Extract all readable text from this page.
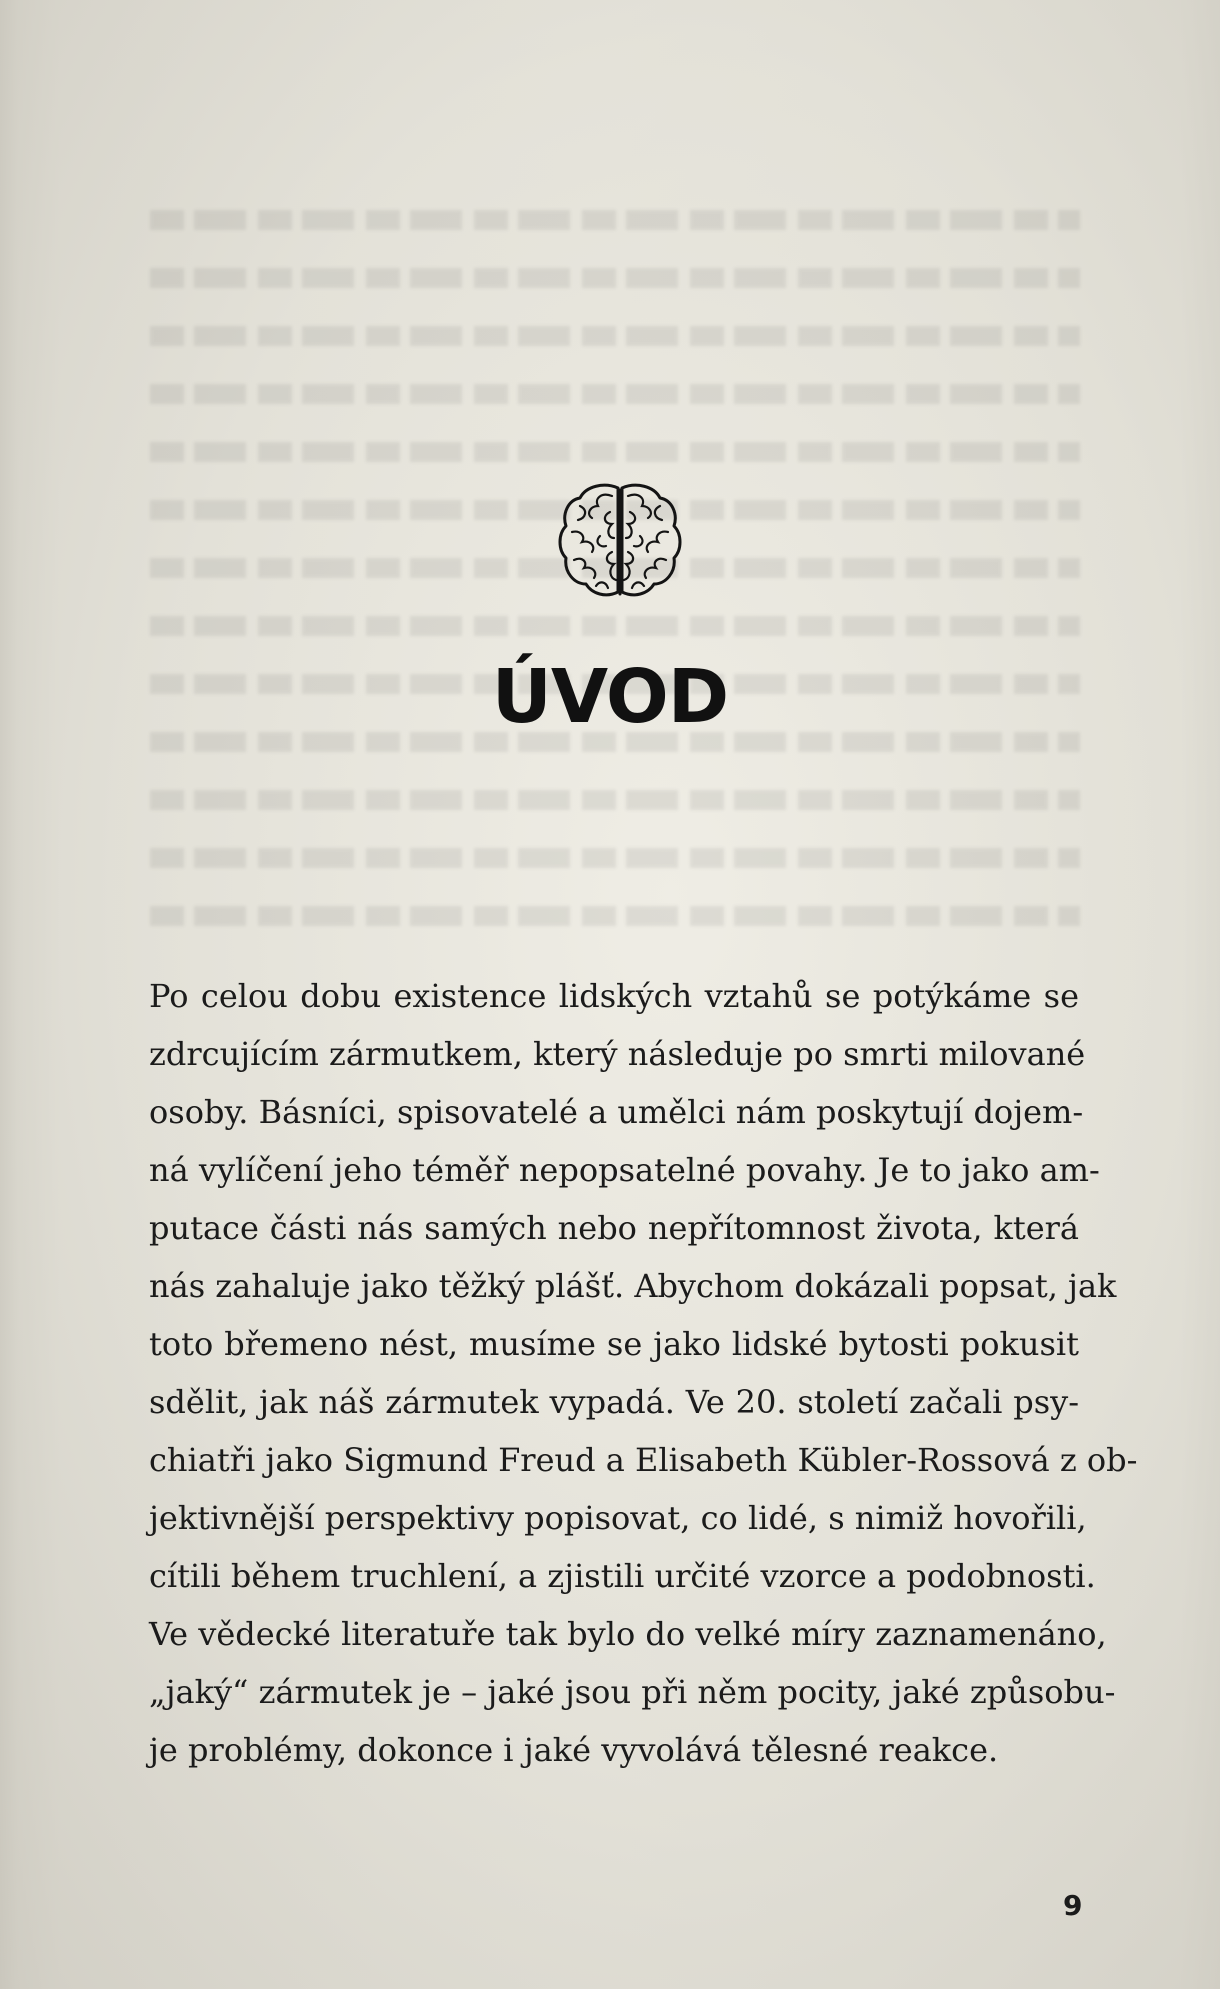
ÚVOD
Po celou dobu existence lidských vztahů se potýkáme se
zdrcujícím zármutkem, který následuje po smrti milované
osoby. Básníci, spisovatelé a umělci nám poskytují dojem-
ná vylíčení jeho téměř nepopsatelné povahy. Je to jako am-
putace části nás samých nebo nepřítomnost života, která
nás zahaluje jako těžký plášť. Abychom dokázali popsat, jak
toto břemeno nést, musíme se jako lidské bytosti pokusit
sdělit, jak náš zármutek vypadá. Ve 20. století začali psy-
chiatři jako Sigmund Freud a Elisabeth Kübler-Rossová z ob-
jektivnější perspektivy popisovat, co lidé, s nimiž hovořili,
cítili během truchlení, a zjistili určité vzorce a podobnosti.
Ve vědecké literatuře tak bylo do velké míry zaznamenáno,
„jaký“ zármutek je – jaké jsou při něm pocity, jaké způsobu-
je problémy, dokonce i jaké vyvolává tělesné reakce.
9
